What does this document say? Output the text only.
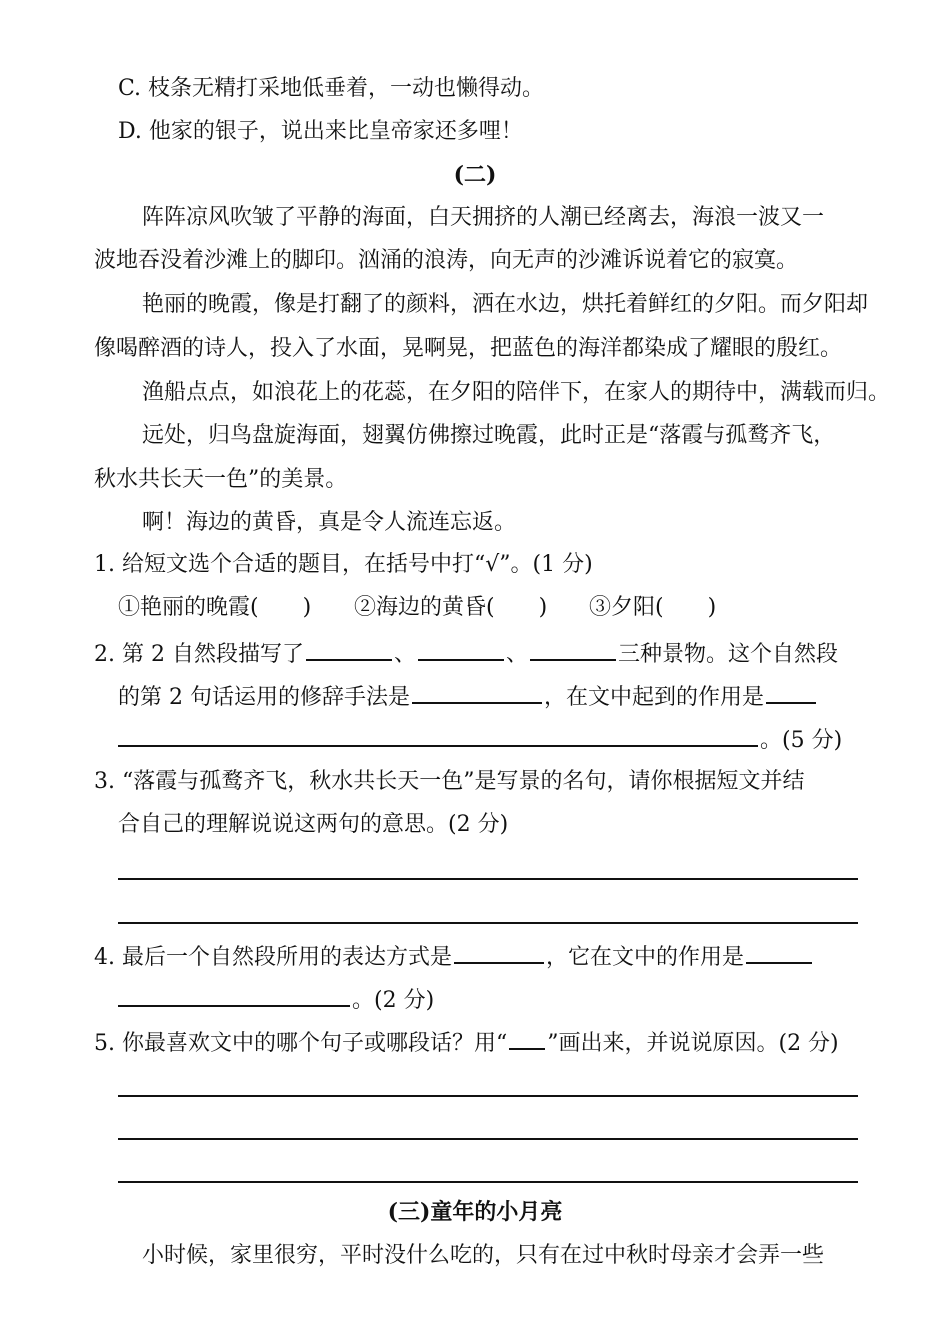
C. 枝条无精打采地低垂着，一动也懒得动。
D. 他家的银子，说出来比皇帝家还多哩！
(二)
阵阵凉风吹皱了平静的海面，白天拥挤的人潮已经离去，海浪一波又一
波地吞没着沙滩上的脚印。汹涌的浪涛，向无声的沙滩诉说着它的寂寞。
艳丽的晚霞，像是打翻了的颜料，洒在水边，烘托着鲜红的夕阳。而夕阳却
像喝醉酒的诗人，投入了水面，晃啊晃，把蓝色的海洋都染成了耀眼的殷红。
渔船点点，如浪花上的花蕊，在夕阳的陪伴下，在家人的期待中，满载而归。
远处，归鸟盘旋海面，翅翼仿佛擦过晚霞，此时正是“落霞与孤鹜齐飞，
秋水共长天一色”的美景。
啊！海边的黄昏，真是令人流连忘返。
1. 给短文选个合适的题目，在括号中打“√”。(1 分)
①艳丽的晚霞(　　) ②海边的黄昏(　　) ③夕阳(　　)
2. 第 2 自然段描写了	、	、	三种景物。这个自然段
的第 2 句话运用的修辞手法是	，在文中起到的作用是
。(5 分)
3. “落霞与孤鹜齐飞，秋水共长天一色”是写景的名句，请你根据短文并结
合自己的理解说说这两句的意思。(2 分)
4. 最后一个自然段所用的表达方式是	，它在文中的作用是
。(2 分)
5. 你最喜欢文中的哪个句子或哪段话？用“ ”画出来，并说说原因。(2 分)
(三)童年的小月亮
小时候，家里很穷，平时没什么吃的，只有在过中秋时母亲才会弄一些
